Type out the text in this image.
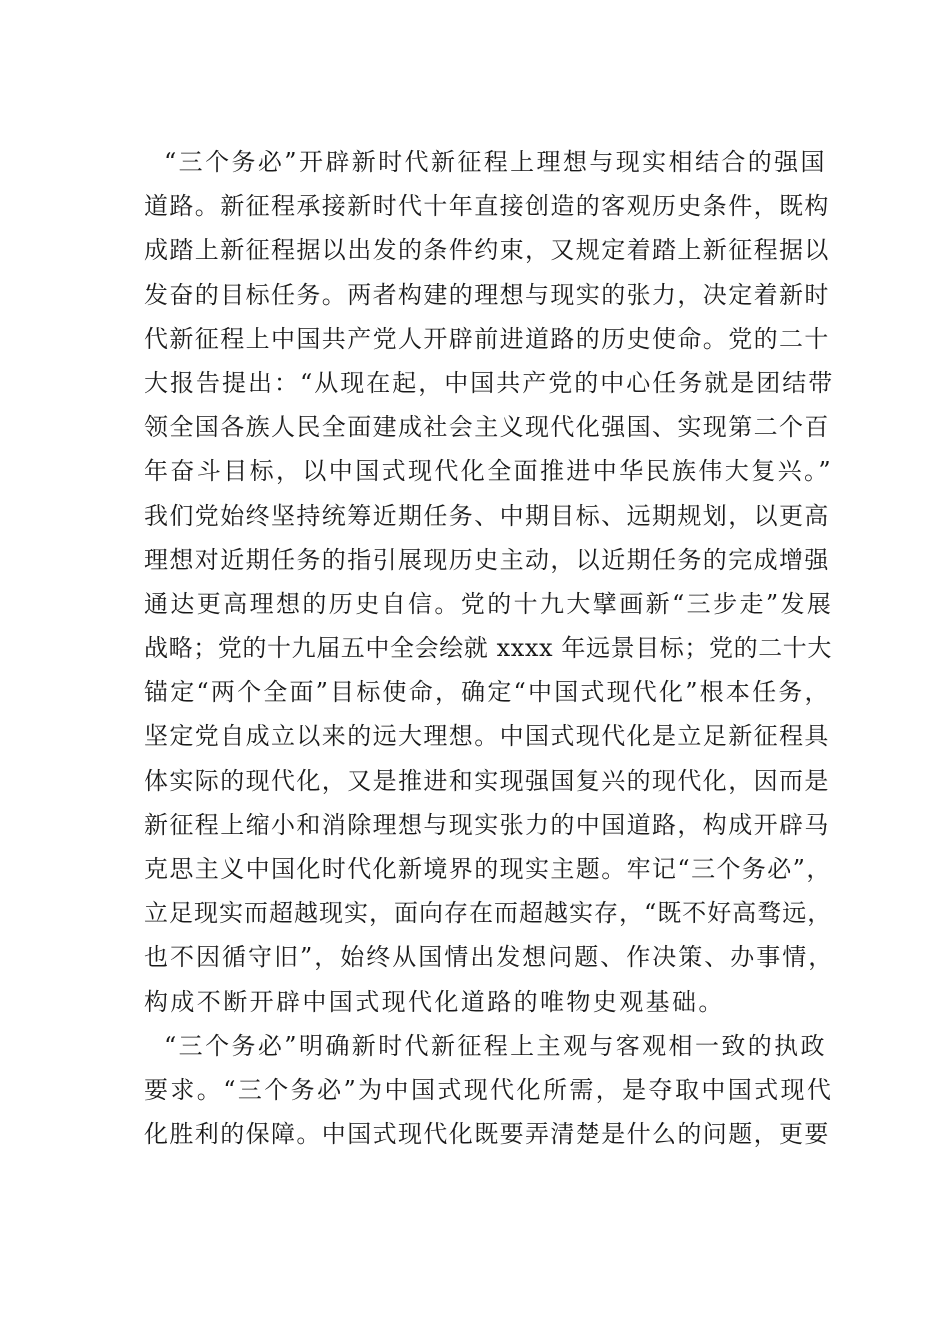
“三个务必”开辟新时代新征程上理想与现实相结合的强国
道路。新征程承接新时代十年直接创造的客观历史条件，既构
成踏上新征程据以出发的条件约束，又规定着踏上新征程据以
发奋的目标任务。两者构建的理想与现实的张力，决定着新时
代新征程上中国共产党人开辟前进道路的历史使命。党的二十
大报告提出：“从现在起，中国共产党的中心任务就是团结带
领全国各族人民全面建成社会主义现代化强国、实现第二个百
年奋斗目标，以中国式现代化全面推进中华民族伟大复兴。”
我们党始终坚持统筹近期任务、中期目标、远期规划，以更高
理想对近期任务的指引展现历史主动，以近期任务的完成增强
通达更高理想的历史自信。党的十九大擘画新“三步走”发展
战略；党的十九届五中全会绘就 xxxx 年远景目标；党的二十大
锚定“两个全面”目标使命，确定“中国式现代化”根本任务，
坚定党自成立以来的远大理想。中国式现代化是立足新征程具
体实际的现代化，又是推进和实现强国复兴的现代化，因而是
新征程上缩小和消除理想与现实张力的中国道路，构成开辟马
克思主义中国化时代化新境界的现实主题。牢记“三个务必”，
立足现实而超越现实，面向存在而超越实存，“既不好高骛远，
也不因循守旧”，始终从国情出发想问题、作决策、办事情，
构成不断开辟中国式现代化道路的唯物史观基础。
“三个务必”明确新时代新征程上主观与客观相一致的执政
要求。“三个务必”为中国式现代化所需，是夺取中国式现代
化胜利的保障。中国式现代化既要弄清楚是什么的问题，更要
